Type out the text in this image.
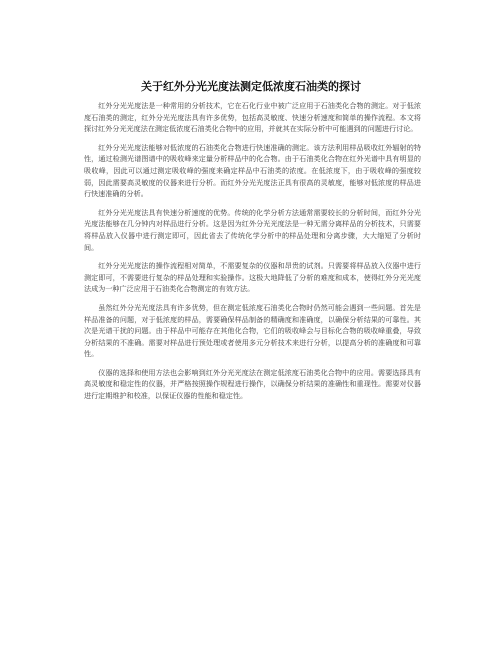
关于红外分光光度法测定低浓度石油类的探讨

红外分光光度法是一种常用的分析技术，它在石化行业中被广泛应用于石油类化合物的测定。对于低浓度石油类的测定，红外分光光度法具有许多优势，包括高灵敏度、快速分析速度和简单的操作流程。本文将探讨红外分光光度法在测定低浓度石油类化合物中的应用，并就其在实际分析中可能遇到的问题进行讨论。

红外分光光度法能够对低浓度的石油类化合物进行快速准确的测定。该方法利用样品吸收红外辐射的特性，通过检测光谱图谱中的吸收峰来定量分析样品中的化合物。由于石油类化合物在红外光谱中具有明显的吸收峰，因此可以通过测定吸收峰的强度来确定样品中石油类的浓度。在低浓度下，由于吸收峰的强度较弱，因此需要高灵敏度的仪器来进行分析。而红外分光光度法正具有很高的灵敏度，能够对低浓度的样品进行快速准确的分析。

红外分光光度法具有快速分析速度的优势。传统的化学分析方法通常需要较长的分析时间，而红外分光光度法能够在几分钟内对样品进行分析。这是因为红外分光光度法是一种无需分离样品的分析技术，只需要将样品放入仪器中进行测定即可，因此省去了传统化学分析中的样品处理和分离步骤，大大缩短了分析时间。

红外分光光度法的操作流程相对简单，不需要复杂的仪器和昂贵的试剂。只需要将样品放入仪器中进行测定即可，不需要进行复杂的样品处理和实验操作。这极大地降低了分析的难度和成本，使得红外分光光度法成为一种广泛应用于石油类化合物测定的有效方法。

虽然红外分光光度法具有许多优势，但在测定低浓度石油类化合物时仍然可能会遇到一些问题。首先是样品准备的问题，对于低浓度的样品，需要确保样品制备的精确度和准确度，以确保分析结果的可靠性。其次是光谱干扰的问题。由于样品中可能存在其他化合物，它们的吸收峰会与目标化合物的吸收峰重叠，导致分析结果的不准确。需要对样品进行预处理或者使用多元分析技术来进行分析，以提高分析的准确度和可靠性。

仪器的选择和使用方法也会影响到红外分光光度法在测定低浓度石油类化合物中的应用。需要选择具有高灵敏度和稳定性的仪器，并严格按照操作规程进行操作，以确保分析结果的准确性和重现性。需要对仪器进行定期维护和校准，以保证仪器的性能和稳定性。
